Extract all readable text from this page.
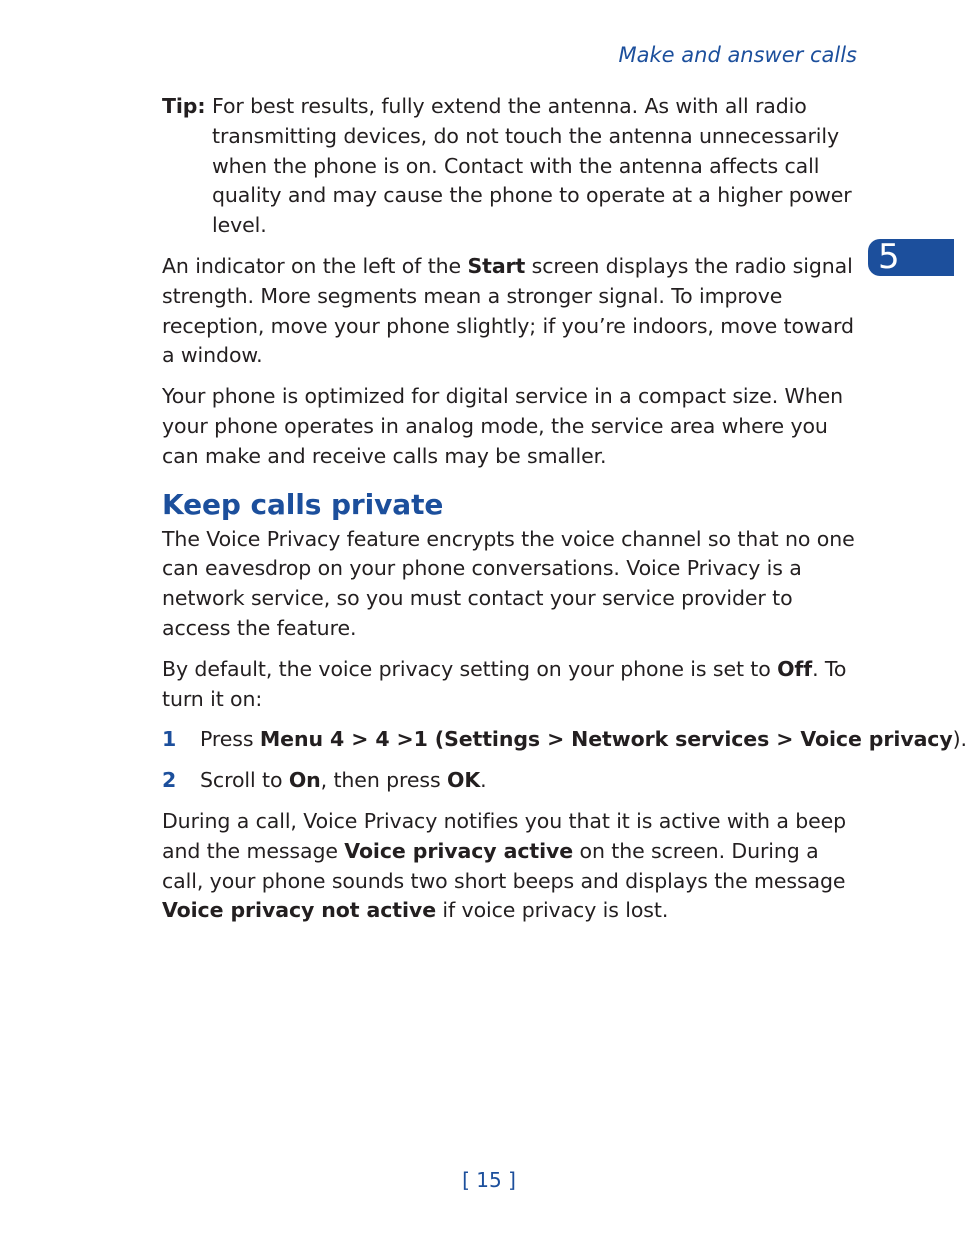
Make and answer calls
5
Tip: For best results, fully extend the antenna. As with all radio transmitting devices, do not touch the antenna unnecessarily when the phone is on. Contact with the antenna affects call quality and may cause the phone to operate at a higher power level.

An indicator on the left of the Start screen displays the radio signal strength. More segments mean a stronger signal. To improve reception, move your phone slightly; if you’re indoors, move toward a window.

Your phone is optimized for digital service in a compact size. When your phone operates in analog mode, the service area where you can make and receive calls may be smaller.

Keep calls private

The Voice Privacy feature encrypts the voice channel so that no one can eavesdrop on your phone conversations. Voice Privacy is a network service, so you must contact your service provider to access the feature.

By default, the voice privacy setting on your phone is set to Off. To turn it on:

1	Press Menu 4 > 4 >1 (Settings > Network services > Voice privacy).
2	Scroll to On, then press OK.

During a call, Voice Privacy notifies you that it is active with a beep and the message Voice privacy active on the screen. During a call, your phone sounds two short beeps and displays the message Voice privacy not active if voice privacy is lost.

[ 15 ]
